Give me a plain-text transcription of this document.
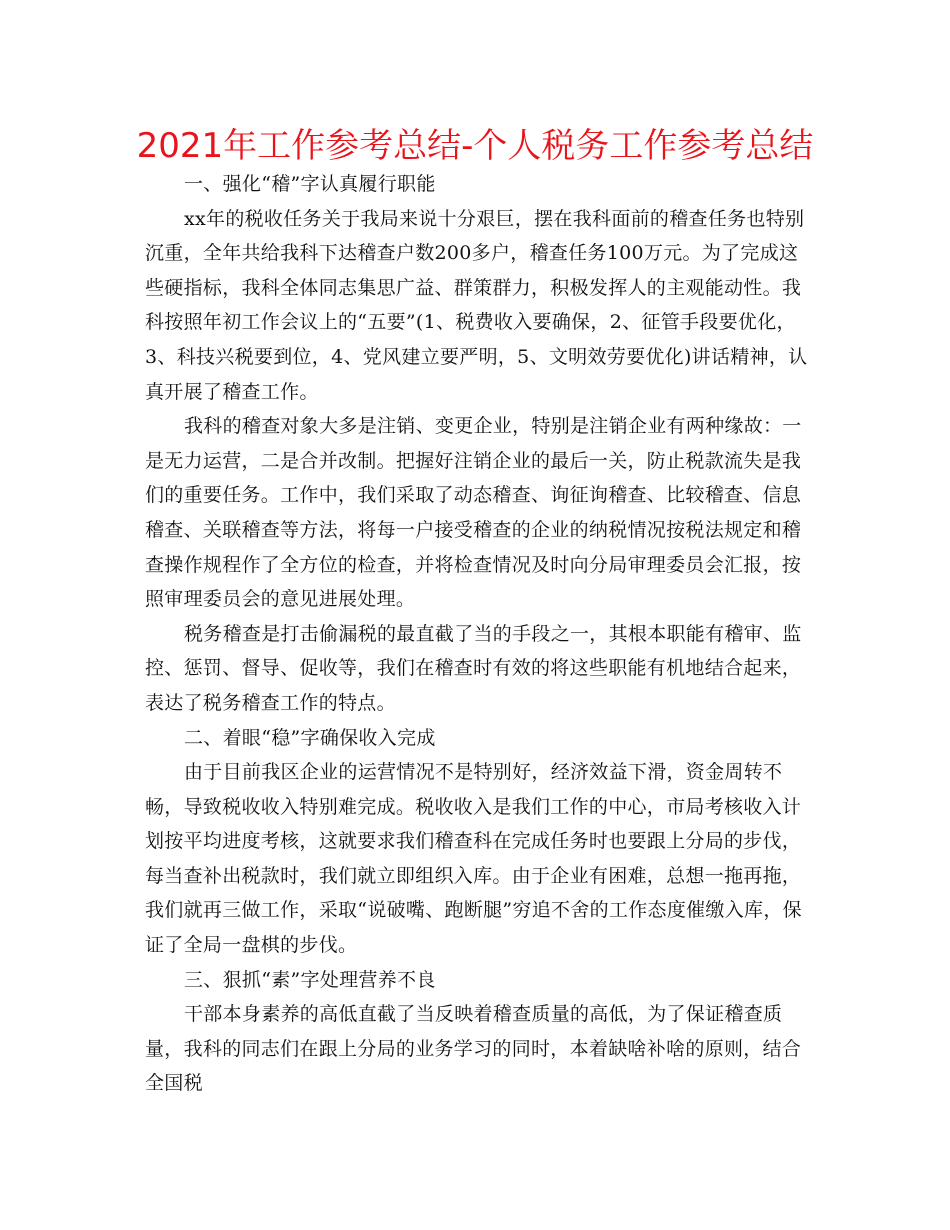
2021年工作参考总结-个人税务工作参考总结

一、强化“稽”字认真履行职能

xx年的税收任务关于我局来说十分艰巨，摆在我科面前的稽查任务也特别沉重，全年共给我科下达稽查户数200多户，稽查任务100万元。为了完成这些硬指标，我科全体同志集思广益、群策群力，积极发挥人的主观能动性。我科按照年初工作会议上的“五要”(1、税费收入要确保，2、征管手段要优化，3、科技兴税要到位，4、党风建立要严明，5、文明效劳要优化)讲话精神，认真开展了稽查工作。

我科的稽查对象大多是注销、变更企业，特别是注销企业有两种缘故：一是无力运营，二是合并改制。把握好注销企业的最后一关，防止税款流失是我们的重要任务。工作中，我们采取了动态稽查、询征询稽查、比较稽查、信息稽查、关联稽查等方法，将每一户接受稽查的企业的纳税情况按税法规定和稽查操作规程作了全方位的检查，并将检查情况及时向分局审理委员会汇报，按照审理委员会的意见进展处理。

税务稽查是打击偷漏税的最直截了当的手段之一，其根本职能有稽审、监控、惩罚、督导、促收等，我们在稽查时有效的将这些职能有机地结合起来，表达了税务稽查工作的特点。

二、着眼“稳”字确保收入完成

由于目前我区企业的运营情况不是特别好，经济效益下滑，资金周转不畅，导致税收收入特别难完成。税收收入是我们工作的中心，市局考核收入计划按平均进度考核，这就要求我们稽查科在完成任务时也要跟上分局的步伐，每当查补出税款时，我们就立即组织入库。由于企业有困难，总想一拖再拖，我们就再三做工作，采取“说破嘴、跑断腿”穷追不舍的工作态度催缴入库，保证了全局一盘棋的步伐。

三、狠抓“素”字处理营养不良

干部本身素养的高低直截了当反映着稽查质量的高低，为了保证稽查质量，我科的同志们在跟上分局的业务学习的同时，本着缺啥补啥的原则，结合全国税
